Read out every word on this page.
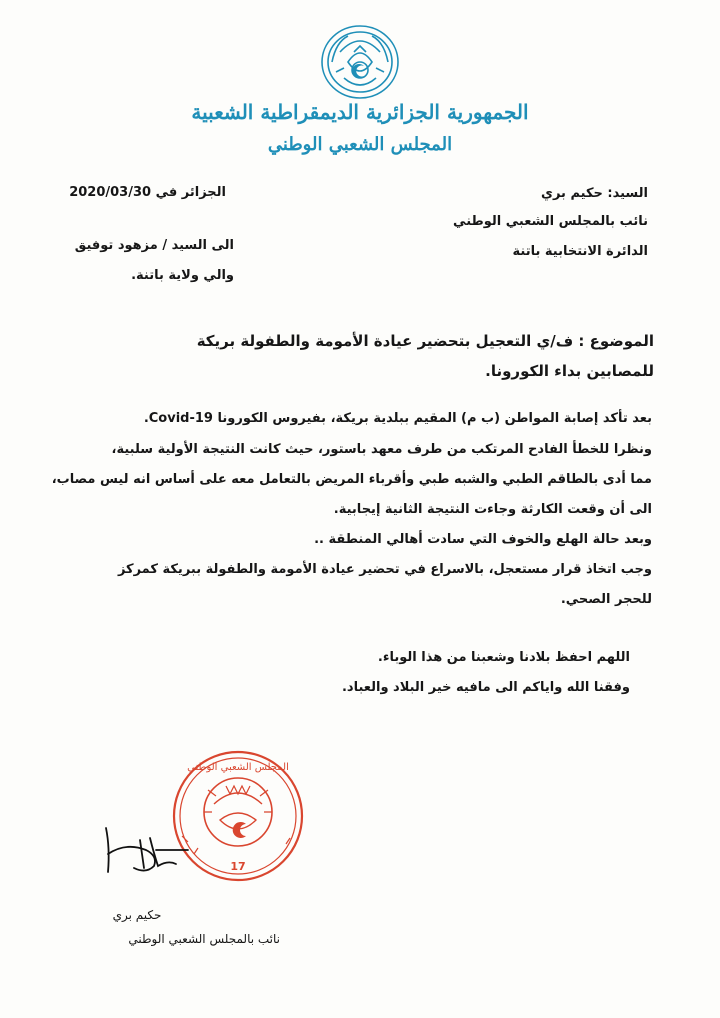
الجمهورية الجزائرية الديمقراطية الشعبية
المجلس الشعبي الوطني
السيد: حكيم بري
نائب بالمجلس الشعبي الوطني
الدائرة الانتخابية باتنة
الجزائر في 2020/03/30
الى السيد / مزهود توفيق
والي ولاية باتنة.
الموضوع : ف/ي التعجيل بتحضير عيادة الأمومة والطفولة بريكة
للمصابين بداء الكورونا.
بعد تأكد إصابة المواطن (ب م) المقيم ببلدية بريكة، بفيروس الكورونا Covid-19.
ونظرا للخطأ الفادح المرتكب من طرف معهد باستور، حيث كانت النتيجة الأولية سلبية،
مما أدى بالطاقم الطبي والشبه طبي وأقرباء المريض بالتعامل معه على أساس انه ليس مصاب،
الى أن وقعت الكارثة وجاءت النتيجة الثانية إيجابية.
وبعد حالة الهلع والخوف التي سادت أهالي المنطقة ..
وجب اتخاذ قرار مستعجل، بالاسراع في تحضير عيادة الأمومة والطفولة ببريكة كمركز
للحجر الصحي.
اللهم احفظ بلادنا وشعبنا من هذا الوباء.
وفقنا الله واياكم الى مافيه خير البلاد والعباد.
المجلس الشعبي الوطني
17
حكيم بري
نائب بالمجلس الشعبي الوطني
